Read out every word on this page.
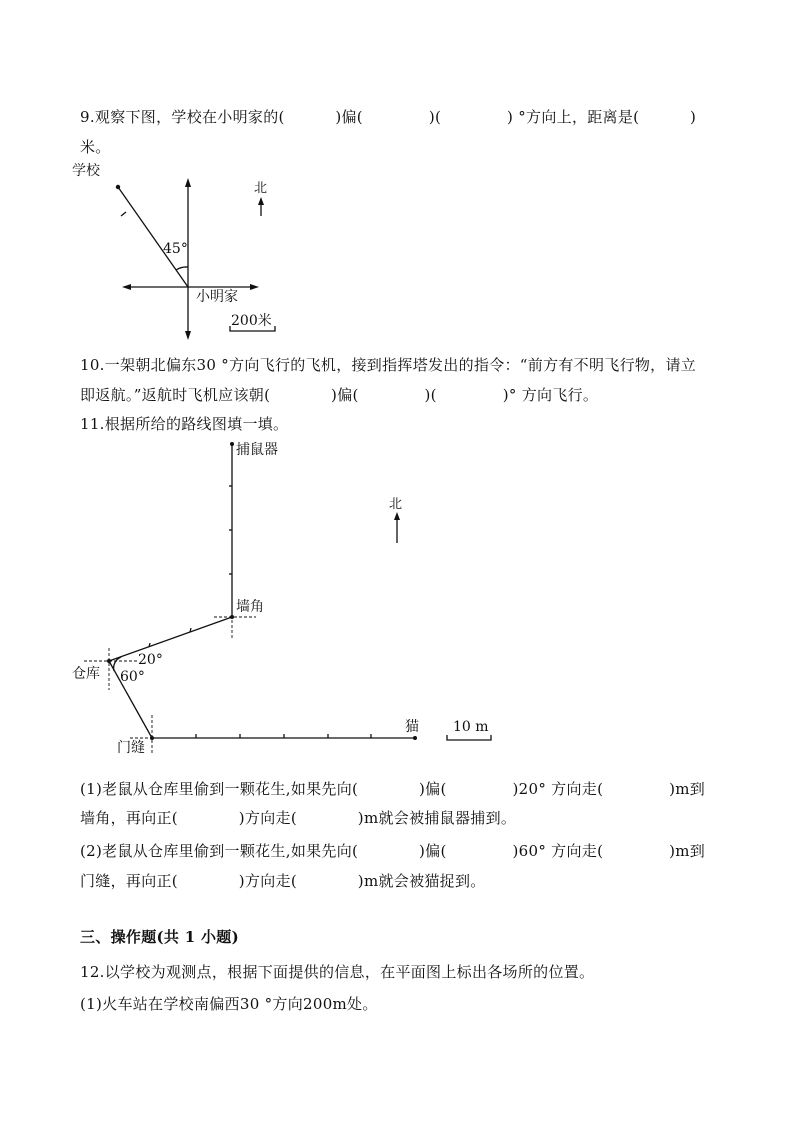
9.观察下图，学校在小明家的(          )偏(             )(             ) °方向上，距离是(          )
米。
学校
北
45°
小明家
200米
捕鼠器
北
墙角
仓库
20°
60°
门缝
猫 10 m
10.一架朝北偏东30 °方向飞行的飞机，接到指挥塔发出的指令：“前方有不明飞行物，请立
即返航。”返航时飞机应该朝(            )偏(             )(             )° 方向飞行。
11.根据所给的路线图填一填。
(1)老鼠从仓库里偷到一颗花生,如果先向(            )偏(             )20° 方向走(             )m到
墙角，再向正(            )方向走(            )m就会被捕鼠器捕到。
(2)老鼠从仓库里偷到一颗花生,如果先向(            )偏(             )60° 方向走(             )m到
门缝，再向正(            )方向走(            )m就会被猫捉到。
三、操作题(共 1 小题)
12.以学校为观测点，根据下面提供的信息，在平面图上标出各场所的位置。
(1)火车站在学校南偏西30 °方向200m处。
